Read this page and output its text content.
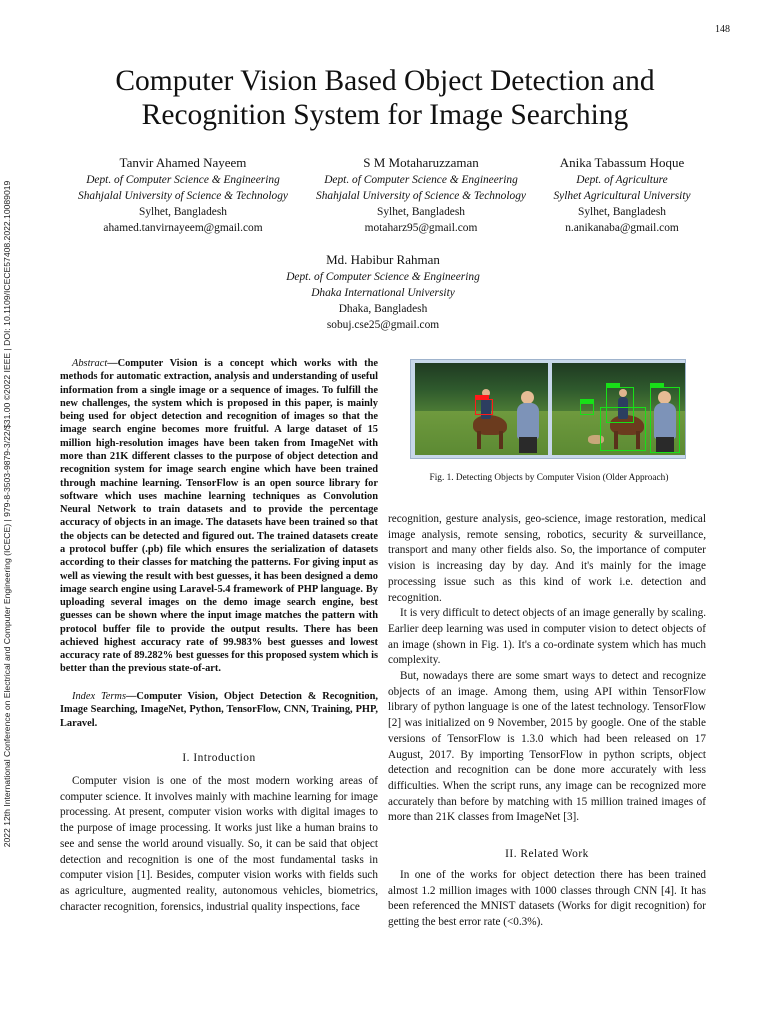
148
2022 12th International Conference on Electrical and Computer Engineering (ICECE) | 979-8-3503-9879-3/22/$31.00 ©2022 IEEE | DOI: 10.1109/ICECE57408.2022.10089019
Computer Vision Based Object Detection and Recognition System for Image Searching
Tanvir Ahamed Nayeem
Dept. of Computer Science & Engineering
Shahjalal University of Science & Technology
Sylhet, Bangladesh
ahamed.tanvirnayeem@gmail.com
S M Motaharuzzaman
Dept. of Computer Science & Engineering
Shahjalal University of Science & Technology
Sylhet, Bangladesh
motaharz95@gmail.com
Anika Tabassum Hoque
Dept. of Agriculture
Sylhet Agricultural University
Sylhet, Bangladesh
n.anikanaba@gmail.com
Md. Habibur Rahman
Dept. of Computer Science & Engineering
Dhaka International University
Dhaka, Bangladesh
sobuj.cse25@gmail.com

Abstract—Computer Vision is a concept which works with the methods for automatic extraction, analysis and understanding of useful information from a single image or a sequence of images. To fulfill the new challenges, the system which is proposed in this paper, is mainly being used for object detection and recognition of images so that the image search engine becomes more fruitful. A large dataset of 15 million high-resolution images have been taken from ImageNet with more than 21K different classes to the purpose of object detection and recognition system for image search engine which have been trained through machine learning. TensorFlow is an open source library for software which uses machine learning techniques as Convolution Neural Network to train datasets and to provide the percentage accuracy of objects in an image. The datasets have been trained so that the objects can be detected and figured out. The trained datasets create a protocol buffer (.pb) file which ensures the serialization of datasets according to their classes for matching the patterns. For giving input as well as viewing the result with best guesses, it has been designed a demo image search engine using Laravel-5.4 framework of PHP language. By uploading several images on the demo image search engine, best guesses can be shown where the input image matches the pattern with protocol buffer file to provide the output results. There has been achieved highest accuracy rate of 99.983% best guesses and lowest accuracy rate of 89.282% best guesses for this proposed system which is better than the previous state-of-art.

Index Terms—Computer Vision, Object Detection & Recognition, Image Searching, ImageNet, Python, TensorFlow, CNN, Training, PHP, Laravel.

I. Introduction

Computer vision is one of the most modern working areas of computer science. It involves mainly with machine learning for image processing. At present, computer vision works with digital images to the purpose of image processing. It works just like a human brains to see and sense the world around visually. So, it can be said that object detection and recognition is one of the most fundamental tasks in computer vision [1]. Besides, computer vision works with fields such as agriculture, augmented reality, autonomous vehicles, biometrics, character recognition, forensics, industrial quality inspections, face

Fig. 1. Detecting Objects by Computer Vision (Older Approach)

recognition, gesture analysis, geo-science, image restoration, medical image analysis, remote sensing, robotics, security & surveillance, transport and many other fields also. So, the importance of computer vision is increasing day by day. And it's mainly for the image processing issue such as this kind of work i.e. detection and recognition.

It is very difficult to detect objects of an image generally by scaling. Earlier deep learning was used in computer vision to detect objects of an image (shown in Fig. 1). It's a co-ordinate system which has much complexity.

But, nowadays there are some smart ways to detect and recognize objects of an image. Among them, using API within TensorFlow library of python language is one of the latest technology. TensorFlow [2] was initialized on 9 November, 2015 by google. One of the stable versions of TensorFlow is 1.3.0 which had been released on 17 August, 2017. By importing TensorFlow in python scripts, object detection and recognition can be done more accurately with less difficulties. When the script runs, any image can be recognized more accurately than before by matching with 15 million trained images of more than 21K classes from ImageNet [3].

II. Related Work

In one of the works for object detection there has been trained almost 1.2 million images with 1000 classes through CNN [4]. It has been referenced the MNIST datasets (Works for digit recognition) for getting the best error rate (<0.3%).
